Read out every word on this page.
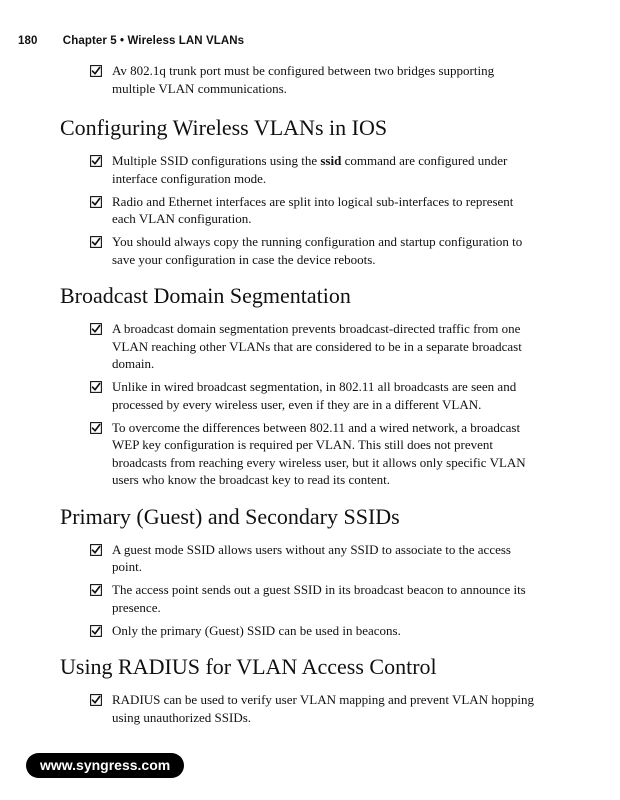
180 Chapter 5 • Wireless LAN VLANs
Av 802.1q trunk port must be configured between two bridges supporting multiple VLAN communications.
Configuring Wireless VLANs in IOS
Multiple SSID configurations using the ssid command are configured under interface configuration mode.
Radio and Ethernet interfaces are split into logical sub-interfaces to represent each VLAN configuration.
You should always copy the running configuration and startup configuration to save your configuration in case the device reboots.
Broadcast Domain Segmentation
A broadcast domain segmentation prevents broadcast-directed traffic from one VLAN reaching other VLANs that are considered to be in a separate broadcast domain.
Unlike in wired broadcast segmentation, in 802.11 all broadcasts are seen and processed by every wireless user, even if they are in a different VLAN.
To overcome the differences between 802.11 and a wired network, a broadcast WEP key configuration is required per VLAN. This still does not prevent broadcasts from reaching every wireless user, but it allows only specific VLAN users who know the broadcast key to read its content.
Primary (Guest) and Secondary SSIDs
A guest mode SSID allows users without any SSID to associate to the access point.
The access point sends out a guest SSID in its broadcast beacon to announce its presence.
Only the primary (Guest) SSID can be used in beacons.
Using RADIUS for VLAN Access Control
RADIUS can be used to verify user VLAN mapping and prevent VLAN hopping using unauthorized SSIDs.
www.syngress.com
